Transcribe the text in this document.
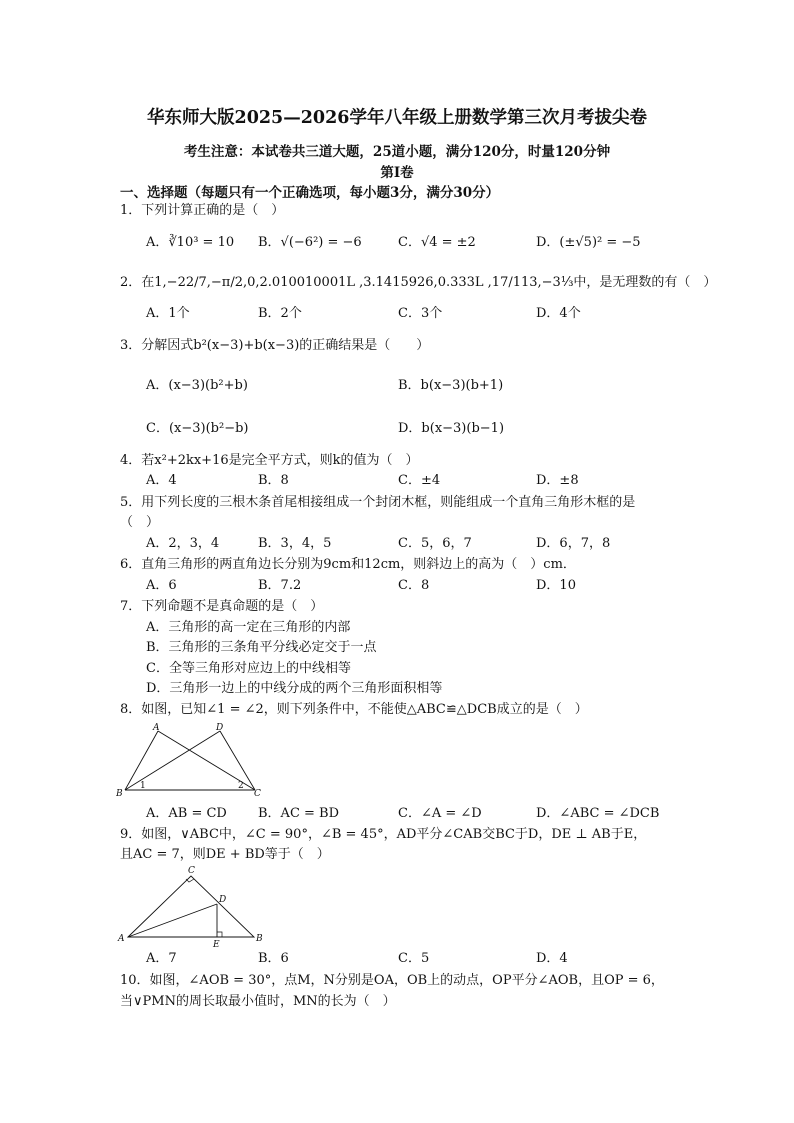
华东师大版2025—2026学年八年级上册数学第三次月考拔尖卷
考生注意：本试卷共三道大题，25道小题，满分120分，时量120分钟
第Ⅰ卷
一、选择题（每题只有一个正确选项，每小题3分，满分30分）
1．下列计算正确的是（　）
A．∛10³ = 10 B．√(−6²) = −6	C．√4 = ±2	D．(±√5)² = −5
2．在1,−22/7,−π/2,0,2.010010001L ,3.1415926,0.333L ,17/113,−3⅓中，是无理数的有（　）
A．1个	B．2个	C．3个	D．4个
3．分解因式b²(x−3)+b(x−3)的正确结果是（　　）
A．(x−3)(b²+b)	B．b(x−3)(b+1)
C．(x−3)(b²−b)	D．b(x−3)(b−1)
4．若x²+2kx+16是完全平方式，则k的值为（　）
A．4	B．8	C．±4	D．±8
5．用下列长度的三根木条首尾相接组成一个封闭木框，则能组成一个直角三角形木框的是
（　）
A．2，3，4	B．3，4，5	C．5，6，7	D．6，7，8
6．直角三角形的两直角边长分别为9cm和12cm，则斜边上的高为（　）cm．
A．6	B．7.2	C．8	D．10
7．下列命题不是真命题的是（　）
A．三角形的高一定在三角形的内部
B．三角形的三条角平分线必定交于一点
C．全等三角形对应边上的中线相等
D．三角形一边上的中线分成的两个三角形面积相等
8．如图，已知∠1 = ∠2，则下列条件中，不能使△ABC≌△DCB成立的是（　）
A	D
B	C
1	2
A．AB = CD B．AC = BD	C．∠A = ∠D	D．∠ABC = ∠DCB
9．如图，∨ABC中，∠C = 90°，∠B = 45°，AD平分∠CAB交BC于D，DE ⊥ AB于E，
且AC = 7，则DE + BD等于（　）
C
D
A	B
E
A．7	B．6	C．5	D．4
10．如图，∠AOB = 30°，点M，N分别是OA，OB上的动点，OP平分∠AOB，且OP = 6，
当∨PMN的周长取最小值时，MN的长为（　）
